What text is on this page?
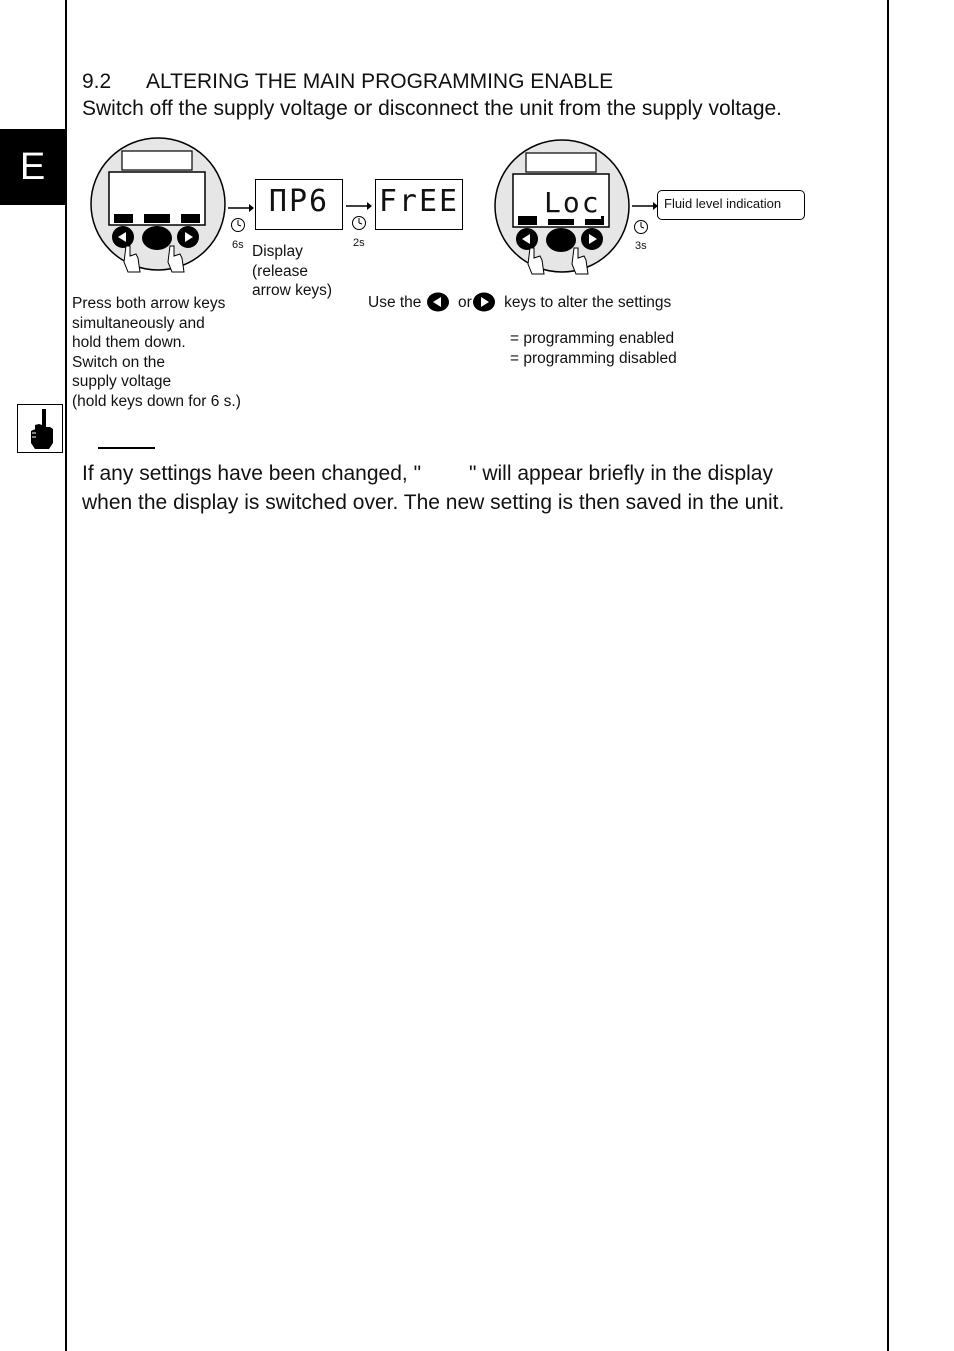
E
9.2 ALTERING THE MAIN PROGRAMMING ENABLE
Switch off the supply voltage or disconnect the unit from the supply voltage.
6s
ΠP6
Display
(release
arrow keys)
2s
FrEE	Loc
3s
Fluid level indication
Press both arrow keys
simultaneously and
hold them down.
Switch on the
supply voltage
(hold keys down for 6 s.)
Use the or keys to alter the settings
= programming enabled
= programming disabled
If any settings have been changed, " " will appear briefly in the display
when the display is switched over. The new setting is then saved in the unit.
